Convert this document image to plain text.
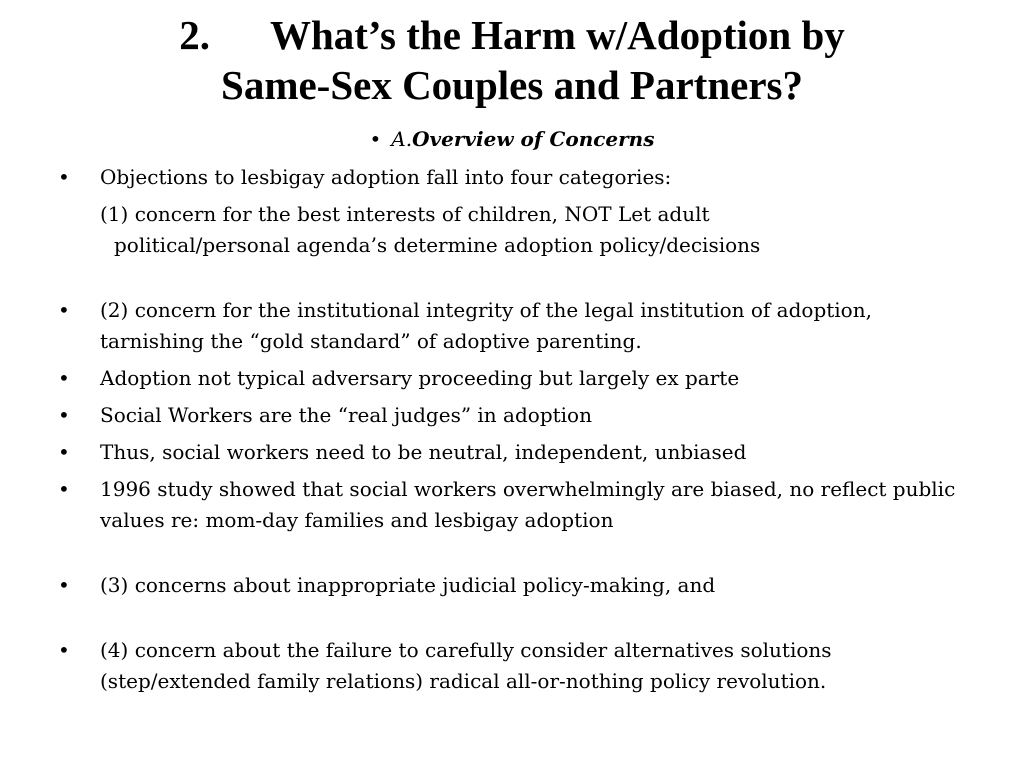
2. What’s the Harm w/Adoption by
Same-Sex Couples and Partners?
• A.Overview of Concerns
• Objections to lesbigay adoption fall into four categories:
(1) concern for the best interests of children, NOT Let adult
political/personal agenda’s determine adoption policy/decisions
• (2) concern for the institutional integrity of the legal institution of adoption, tarnishing the “gold standard” of adoptive parenting.
• Adoption not typical adversary proceeding but largely ex parte
• Social Workers are the “real judges” in adoption
• Thus, social workers need to be neutral, independent, unbiased
• 1996 study showed that social workers overwhelmingly are biased, no reflect public values re: mom-day families and lesbigay adoption
• (3) concerns about inappropriate judicial policy-making, and
• (4) concern about the failure to carefully consider alternatives solutions (step/extended family relations) radical all-or-nothing policy revolution.
